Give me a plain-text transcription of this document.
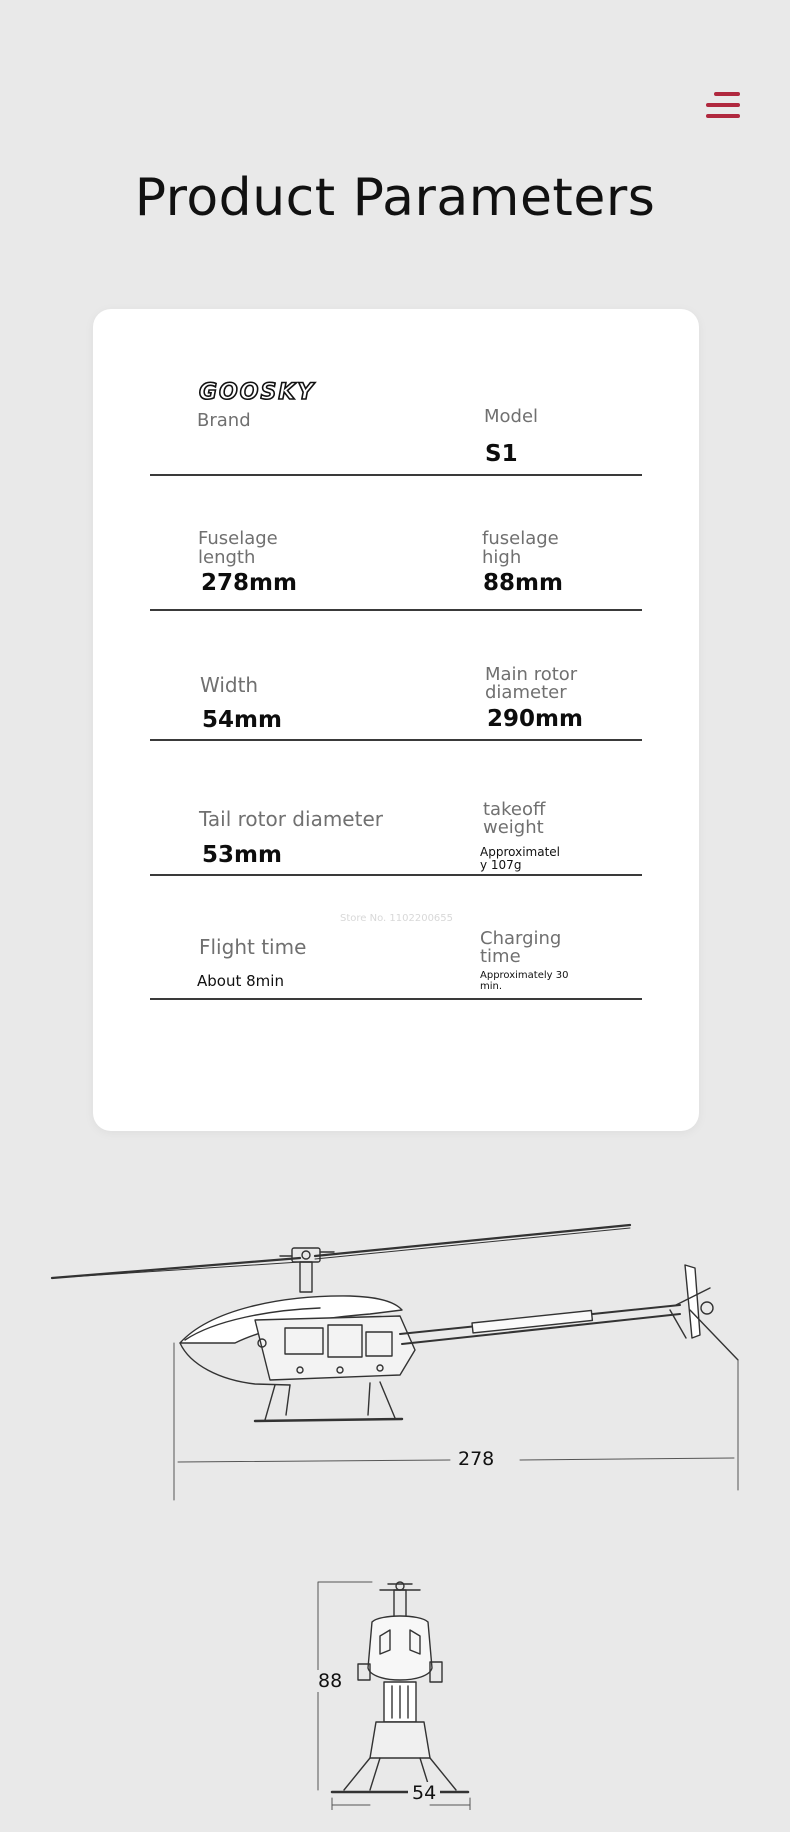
Product Parameters
Brand
GOOSKY
Model
S1
Fuselage
length
278mm
fuselage
high
88mm
Width
54mm
Main rotor
diameter
290mm
Tail rotor diameter
53mm
takeoff
weight
Approximatel
y 107g
Store No. 1102200655
Flight time
About 8min
Charging
time
Approximately 30
min.
278
88
54
